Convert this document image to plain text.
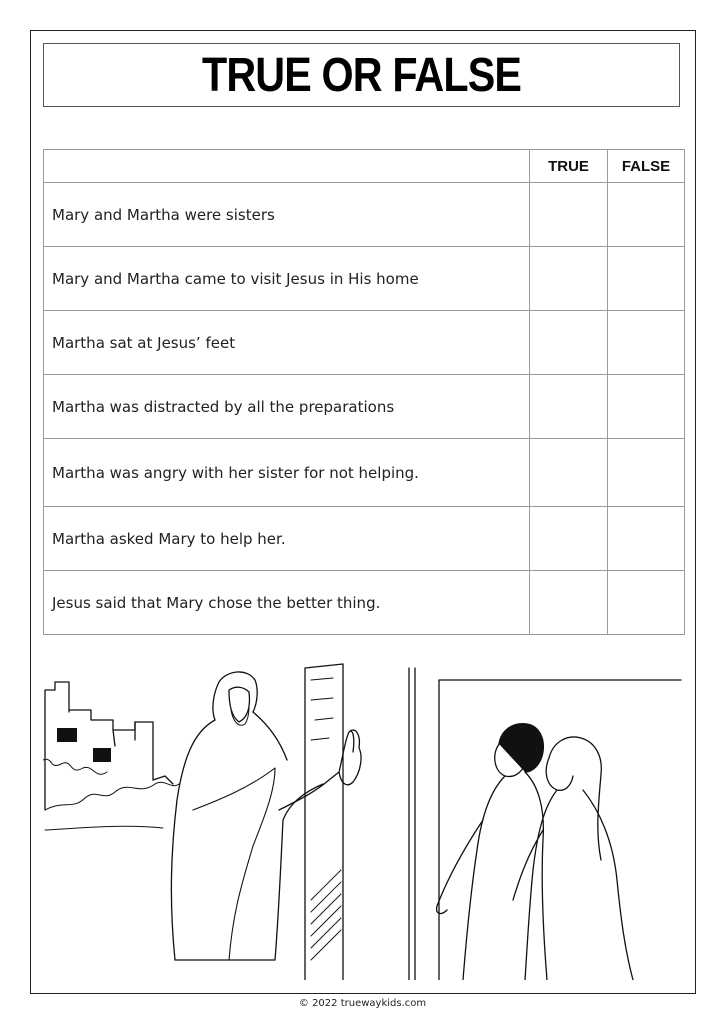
TRUE OR FALSE
	TRUE	FALSE
Mary and Martha were sisters		
Mary and Martha came to visit Jesus in His home		
Martha sat at Jesus’ feet		
Martha was distracted by all the preparations		
Martha was angry with her sister for not helping.		
Martha asked Mary to help her.		
Jesus said that Mary chose the better thing.		
© 2022 truewaykids.com
